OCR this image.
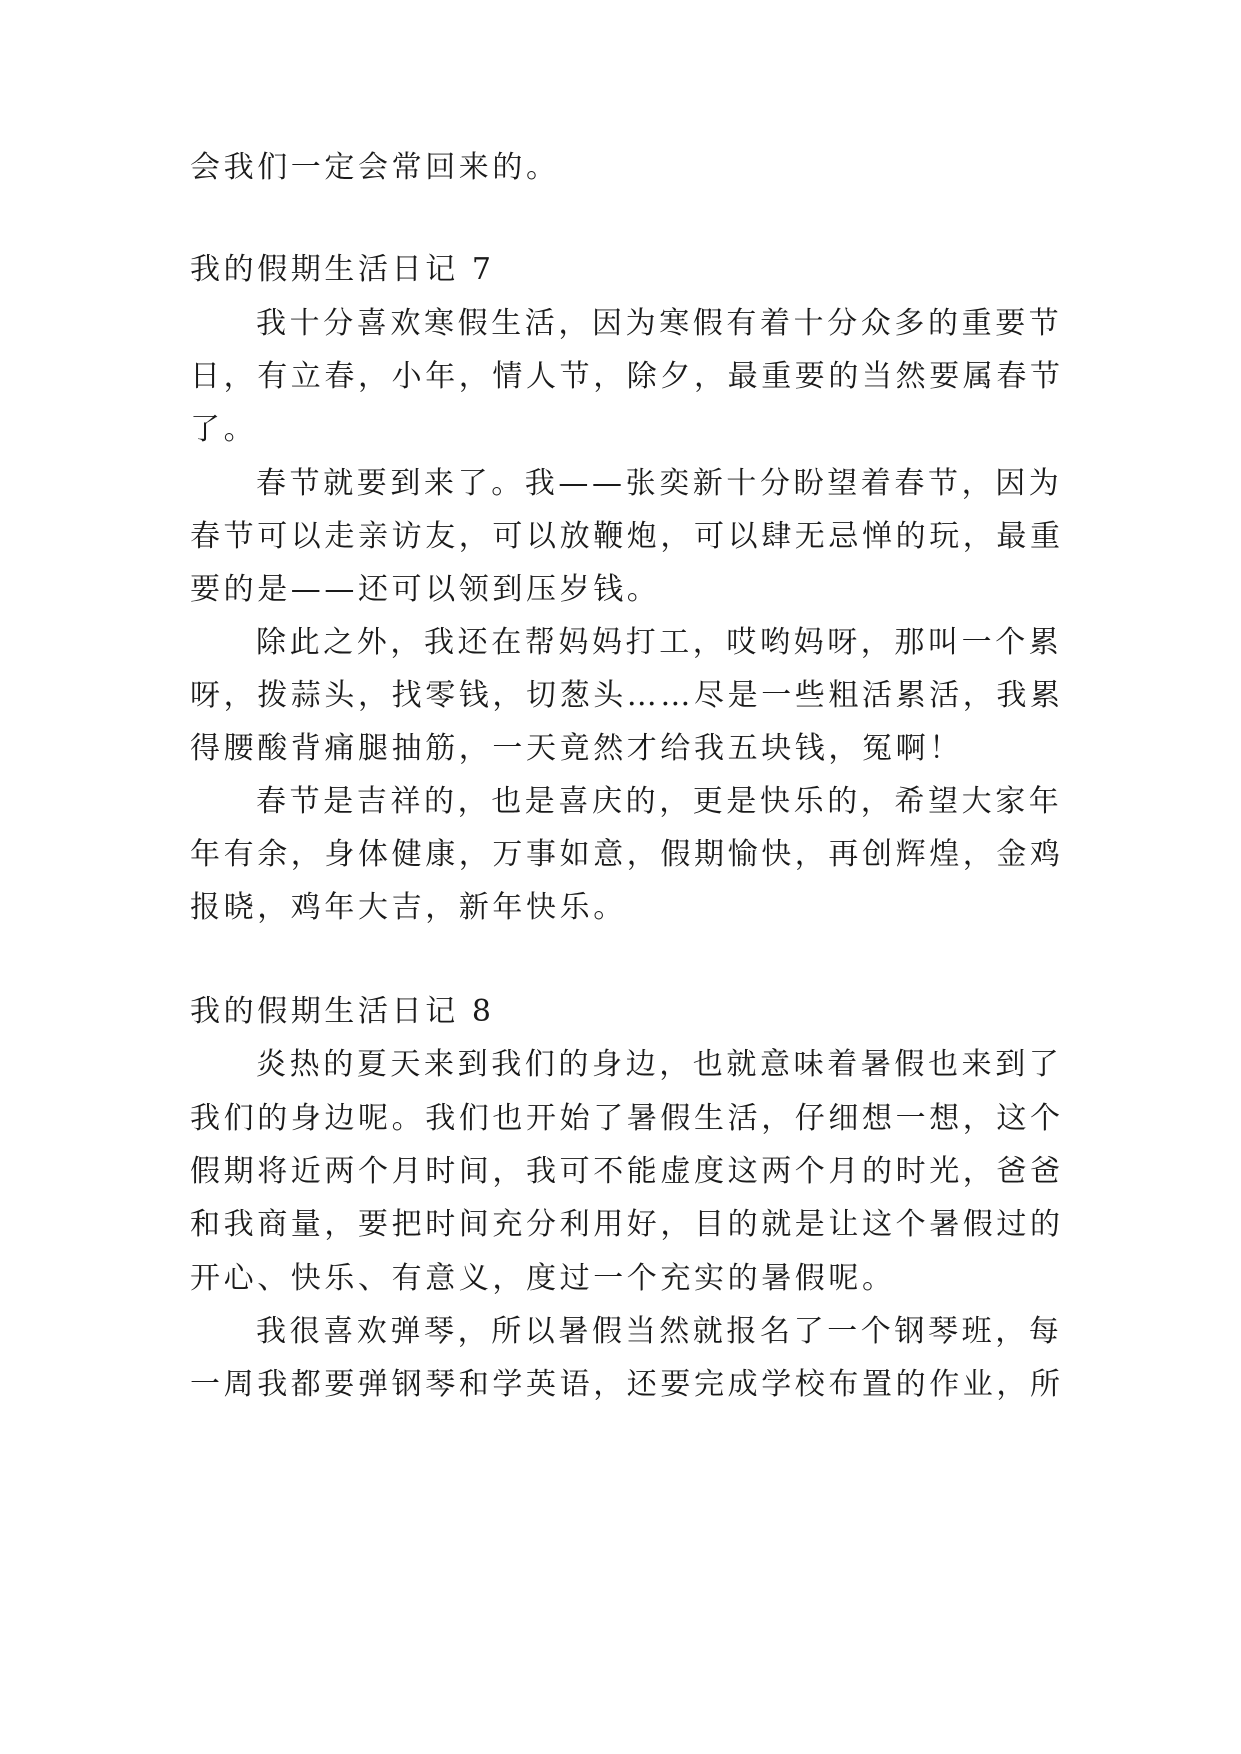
会我们一定会常回来的。
我的假期生活日记 7
我十分喜欢寒假生活，因为寒假有着十分众多的重要节
日，有立春，小年，情人节，除夕，最重要的当然要属春节
了。
春节就要到来了。我——张奕新十分盼望着春节，因为
春节可以走亲访友，可以放鞭炮，可以肆无忌惮的玩，最重
要的是——还可以领到压岁钱。
除此之外，我还在帮妈妈打工，哎哟妈呀，那叫一个累
呀，拨蒜头，找零钱，切葱头……尽是一些粗活累活，我累
得腰酸背痛腿抽筋，一天竟然才给我五块钱，冤啊！
春节是吉祥的，也是喜庆的，更是快乐的，希望大家年
年有余，身体健康，万事如意，假期愉快，再创辉煌，金鸡
报晓，鸡年大吉，新年快乐。
我的假期生活日记 8
炎热的夏天来到我们的身边，也就意味着暑假也来到了
我们的身边呢。我们也开始了暑假生活，仔细想一想，这个
假期将近两个月时间，我可不能虚度这两个月的时光，爸爸
和我商量，要把时间充分利用好，目的就是让这个暑假过的
开心、快乐、有意义，度过一个充实的暑假呢。
我很喜欢弹琴，所以暑假当然就报名了一个钢琴班，每
一周我都要弹钢琴和学英语，还要完成学校布置的作业，所
